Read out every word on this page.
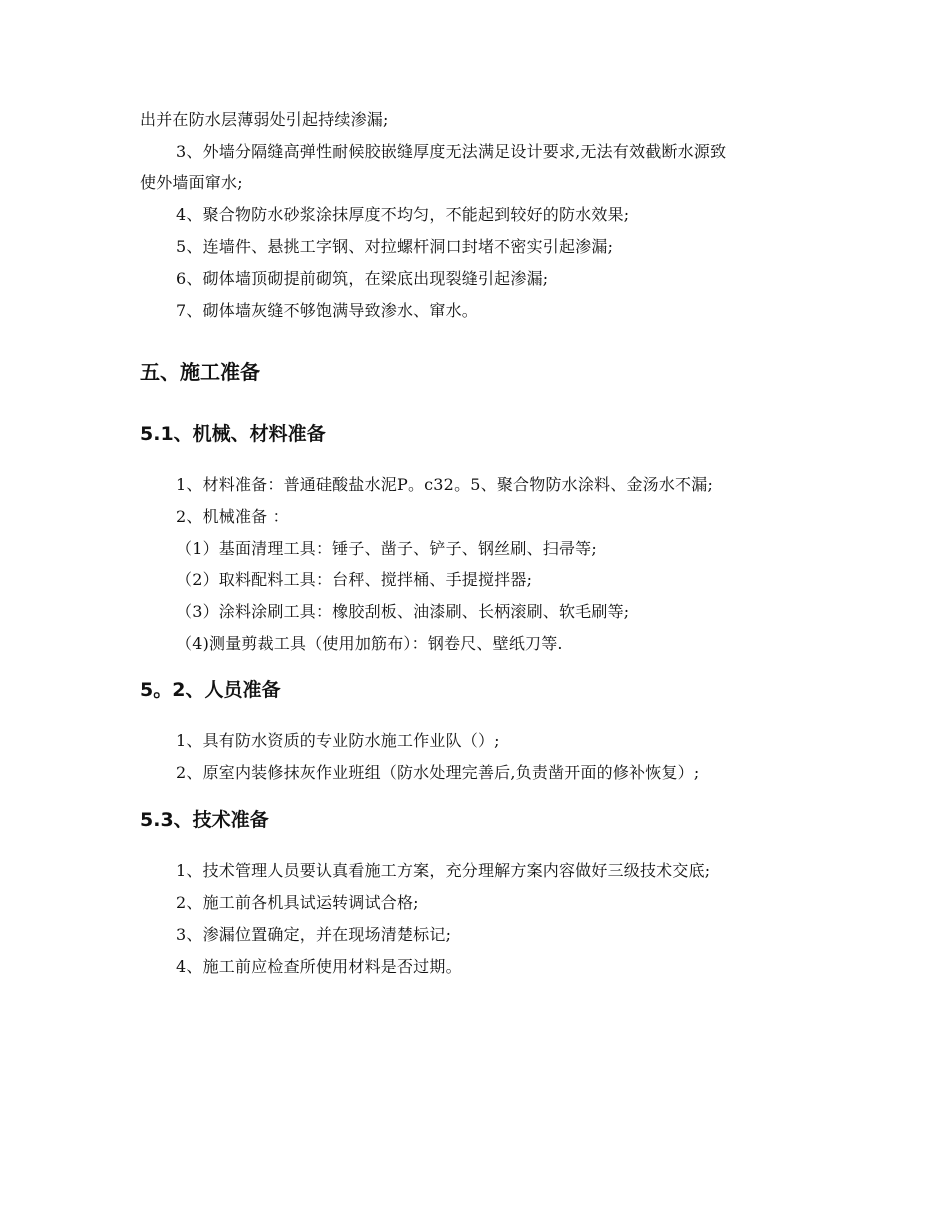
出并在防水层薄弱处引起持续渗漏;
3、外墙分隔缝高弹性耐候胶嵌缝厚度无法满足设计要求,无法有效截断水源致
使外墙面窜水;
4、聚合物防水砂浆涂抹厚度不均匀，不能起到较好的防水效果;
5、连墙件、悬挑工字钢、对拉螺杆洞口封堵不密实引起渗漏;
6、砌体墙顶砌提前砌筑，在梁底出现裂缝引起渗漏;
7、砌体墙灰缝不够饱满导致渗水、窜水。
五、施工准备
5.1、机械、材料准备
1、材料准备：普通硅酸盐水泥P。c32。5、聚合物防水涂料、金汤水不漏;
2、机械准备 ：
（1）基面清理工具：锤子、凿子、铲子、钢丝刷、扫帚等;
（2）取料配料工具：台秤、搅拌桶、手提搅拌器;
（3）涂料涂刷工具：橡胶刮板、油漆刷、长柄滚刷、软毛刷等;
（4)测量剪裁工具（使用加筋布）：钢卷尺、壁纸刀等.
5。2、人员准备
1、具有防水资质的专业防水施工作业队（）;
2、原室内装修抹灰作业班组（防水处理完善后,负责凿开面的修补恢复）;
5.3、技术准备
1、技术管理人员要认真看施工方案，充分理解方案内容做好三级技术交底;
2、施工前各机具试运转调试合格;
3、渗漏位置确定，并在现场清楚标记;
4、施工前应检查所使用材料是否过期。
